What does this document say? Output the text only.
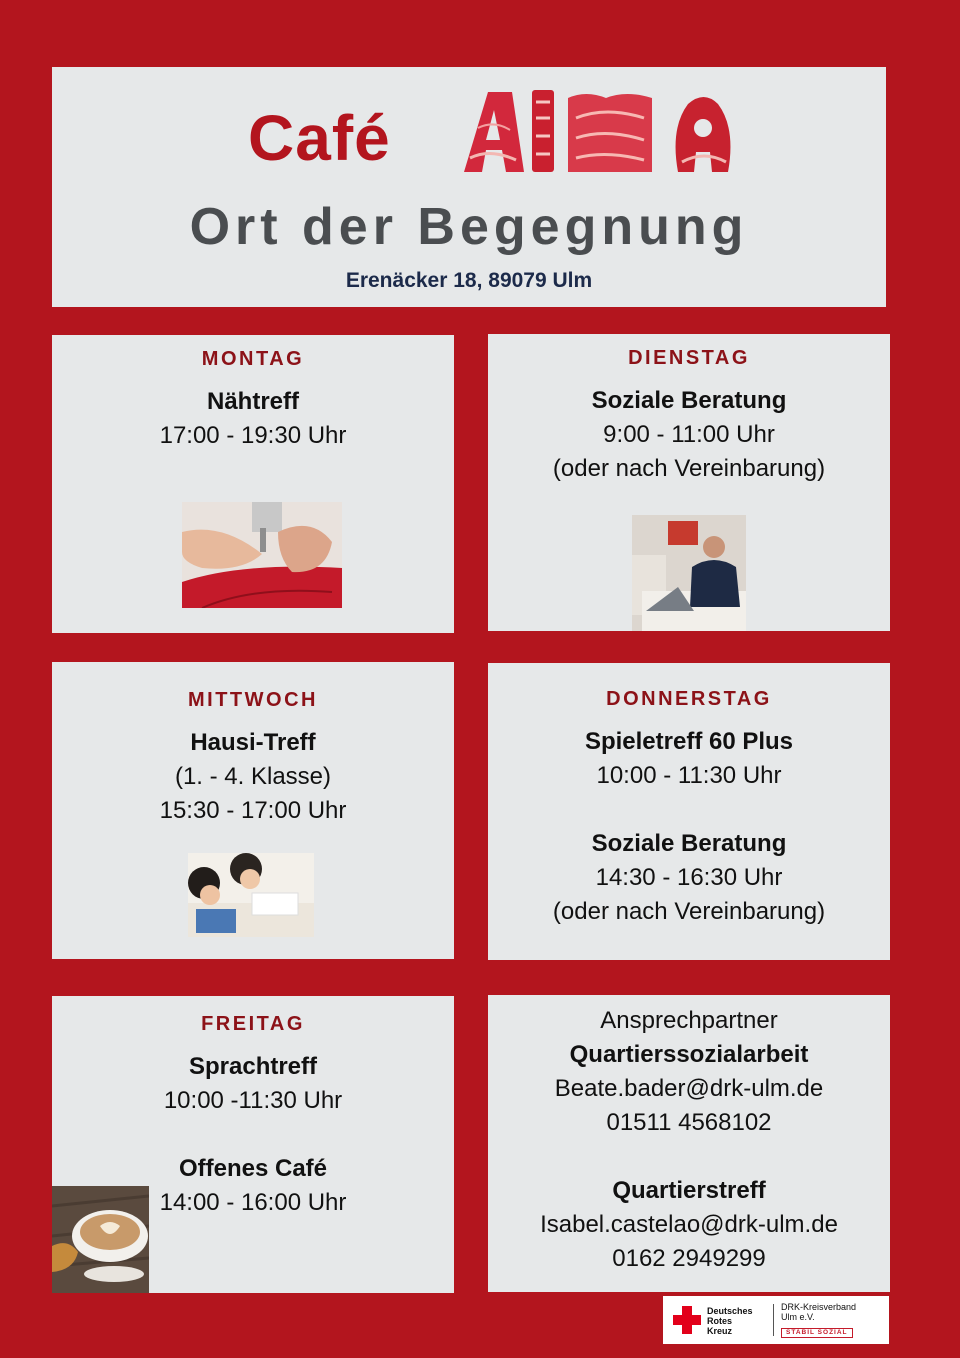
Café
AMA
Ort der Begegnung
Erenäcker 18, 89079 Ulm
MONTAG
Nähtreff
17:00 - 19:30 Uhr
DIENSTAG
Soziale Beratung
9:00 - 11:00 Uhr
(oder nach Vereinbarung)
MITTWOCH
Hausi-Treff
(1. - 4. Klasse)
15:30 - 17:00 Uhr
DONNERSTAG
Spieletreff 60 Plus
10:00 - 11:30 Uhr
Soziale Beratung
14:30 - 16:30 Uhr
(oder nach Vereinbarung)
FREITAG
Sprachtreff
10:00 -11:30 Uhr
Offenes Café
14:00 - 16:00 Uhr
Ansprechpartner
Quartierssozialarbeit
Beate.bader@drk-ulm.de
01511 4568102
Quartierstreff
Isabel.castelao@drk-ulm.de
0162 2949299
Deutsches
Rotes
Kreuz
DRK-Kreisverband
Ulm e.V.
STABIL SOZIAL
